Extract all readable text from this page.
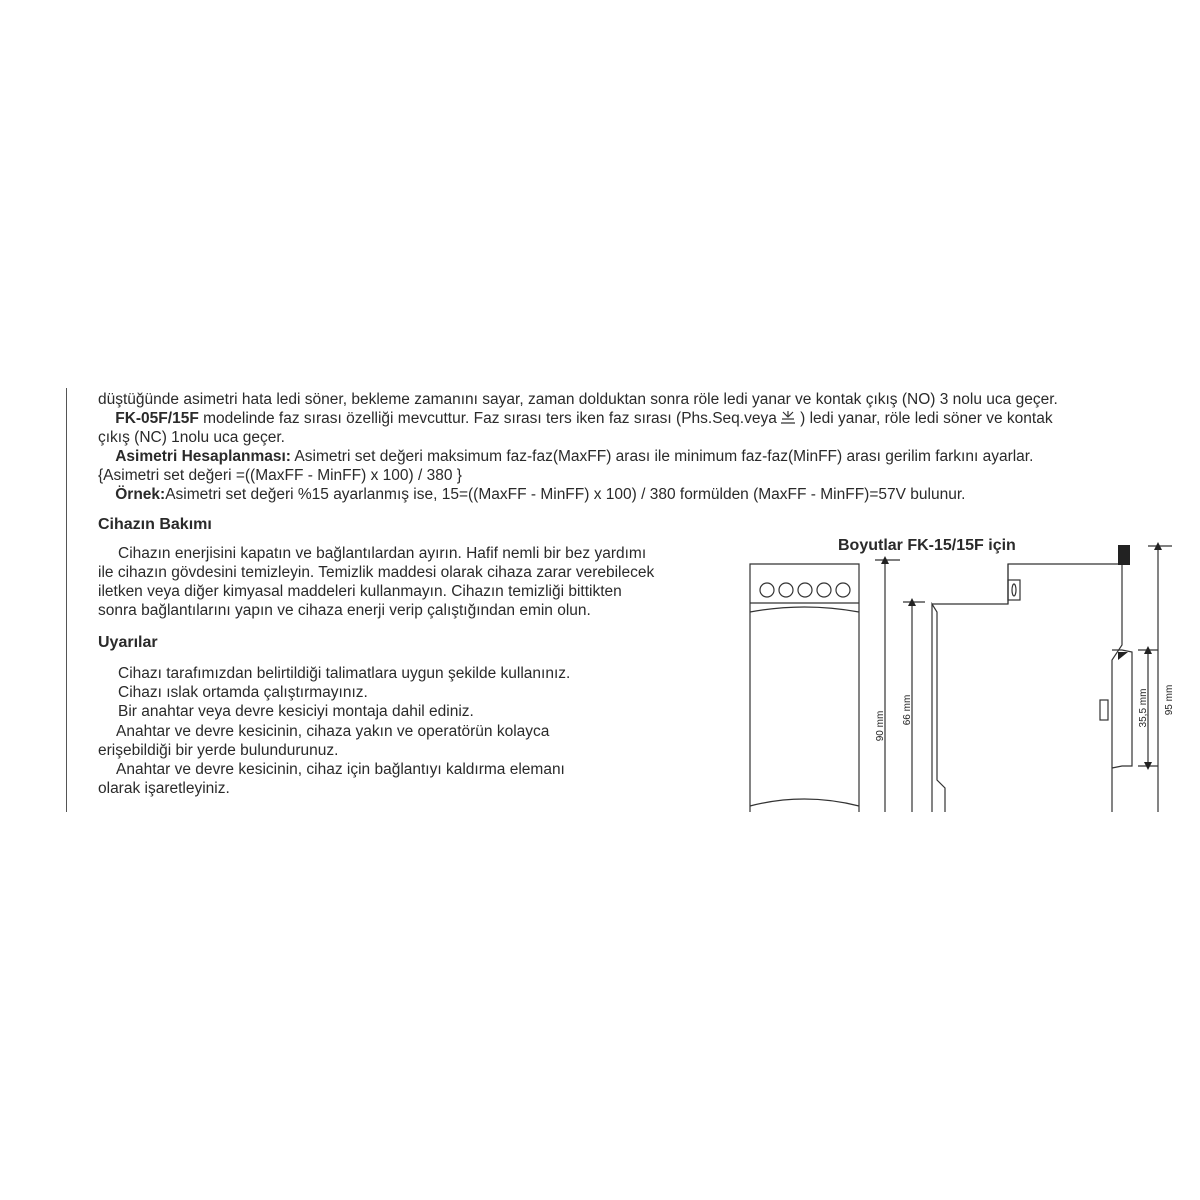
düştüğünde asimetri hata ledi söner, bekleme zamanını sayar, zaman dolduktan sonra röle ledi yanar ve kontak çıkış (NO) 3 nolu uca geçer.
FK-05F/15F modelinde faz sırası özelliği mevcuttur. Faz sırası ters iken faz sırası (Phs.Seq.veya ) ledi yanar, röle ledi söner ve kontak
çıkış (NC) 1nolu uca geçer.
Asimetri Hesaplanması: Asimetri set değeri maksimum faz-faz(MaxFF) arası ile minimum faz-faz(MinFF) arası gerilim farkını ayarlar.
{Asimetri set değeri =((MaxFF - MinFF) x 100) / 380 }
Örnek:Asimetri set değeri %15 ayarlanmış ise, 15=((MaxFF - MinFF) x 100) / 380 formülden (MaxFF - MinFF)=57V bulunur.
Cihazın Bakımı
Cihazın enerjisini kapatın ve bağlantılardan ayırın. Hafif nemli bir bez yardımı
ile cihazın gövdesini temizleyin. Temizlik maddesi olarak cihaza zarar verebilecek
iletken veya diğer kimyasal maddeleri kullanmayın. Cihazın temizliği bittikten
sonra bağlantılarını yapın ve cihaza enerji verip çalıştığından emin olun.
Uyarılar
Cihazı tarafımızdan belirtildiği talimatlara uygun şekilde kullanınız.
Cihazı ıslak ortamda çalıştırmayınız.
Bir anahtar veya devre kesiciyi montaja dahil ediniz.
Anahtar ve devre kesicinin, cihaza yakın ve operatörün kolayca
erişebildiği bir yerde bulundurunuz.
Anahtar ve devre kesicinin, cihaz için bağlantıyı kaldırma elemanı
olarak işaretleyiniz.
Boyutlar FK-15/15F için
90 mm
66 mm	35,5 mm 95 mm
